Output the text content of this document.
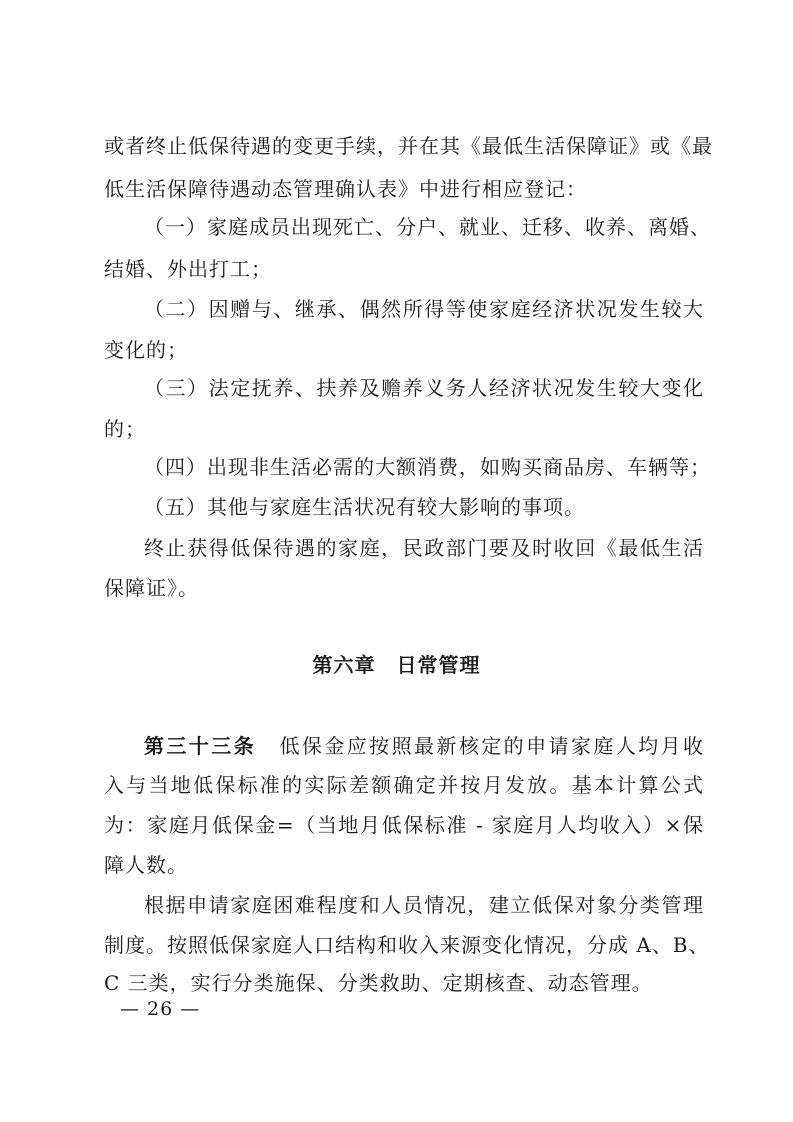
或者终止低保待遇的变更手续，并在其《最低生活保障证》或《最
低生活保障待遇动态管理确认表》中进行相应登记：
（一）家庭成员出现死亡、分户、就业、迁移、收养、离婚、
结婚、外出打工；
（二）因赠与、继承、偶然所得等使家庭经济状况发生较大
变化的；
（三）法定抚养、扶养及赡养义务人经济状况发生较大变化
的；
（四）出现非生活必需的大额消费，如购买商品房、车辆等；
（五）其他与家庭生活状况有较大影响的事项。
终止获得低保待遇的家庭，民政部门要及时收回《最低生活
保障证》。
第六章　日常管理
第三十三条 低保金应按照最新核定的申请家庭人均月收
入与当地低保标准的实际差额确定并按月发放。基本计算公式
为：家庭月低保金=（当地月低保标准 - 家庭月人均收入）×保
障人数。
根据申请家庭困难程度和人员情况，建立低保对象分类管理
制度。按照低保家庭人口结构和收入来源变化情况，分成 A、B、
C 三类，实行分类施保、分类救助、定期核查、动态管理。
— 26 —
